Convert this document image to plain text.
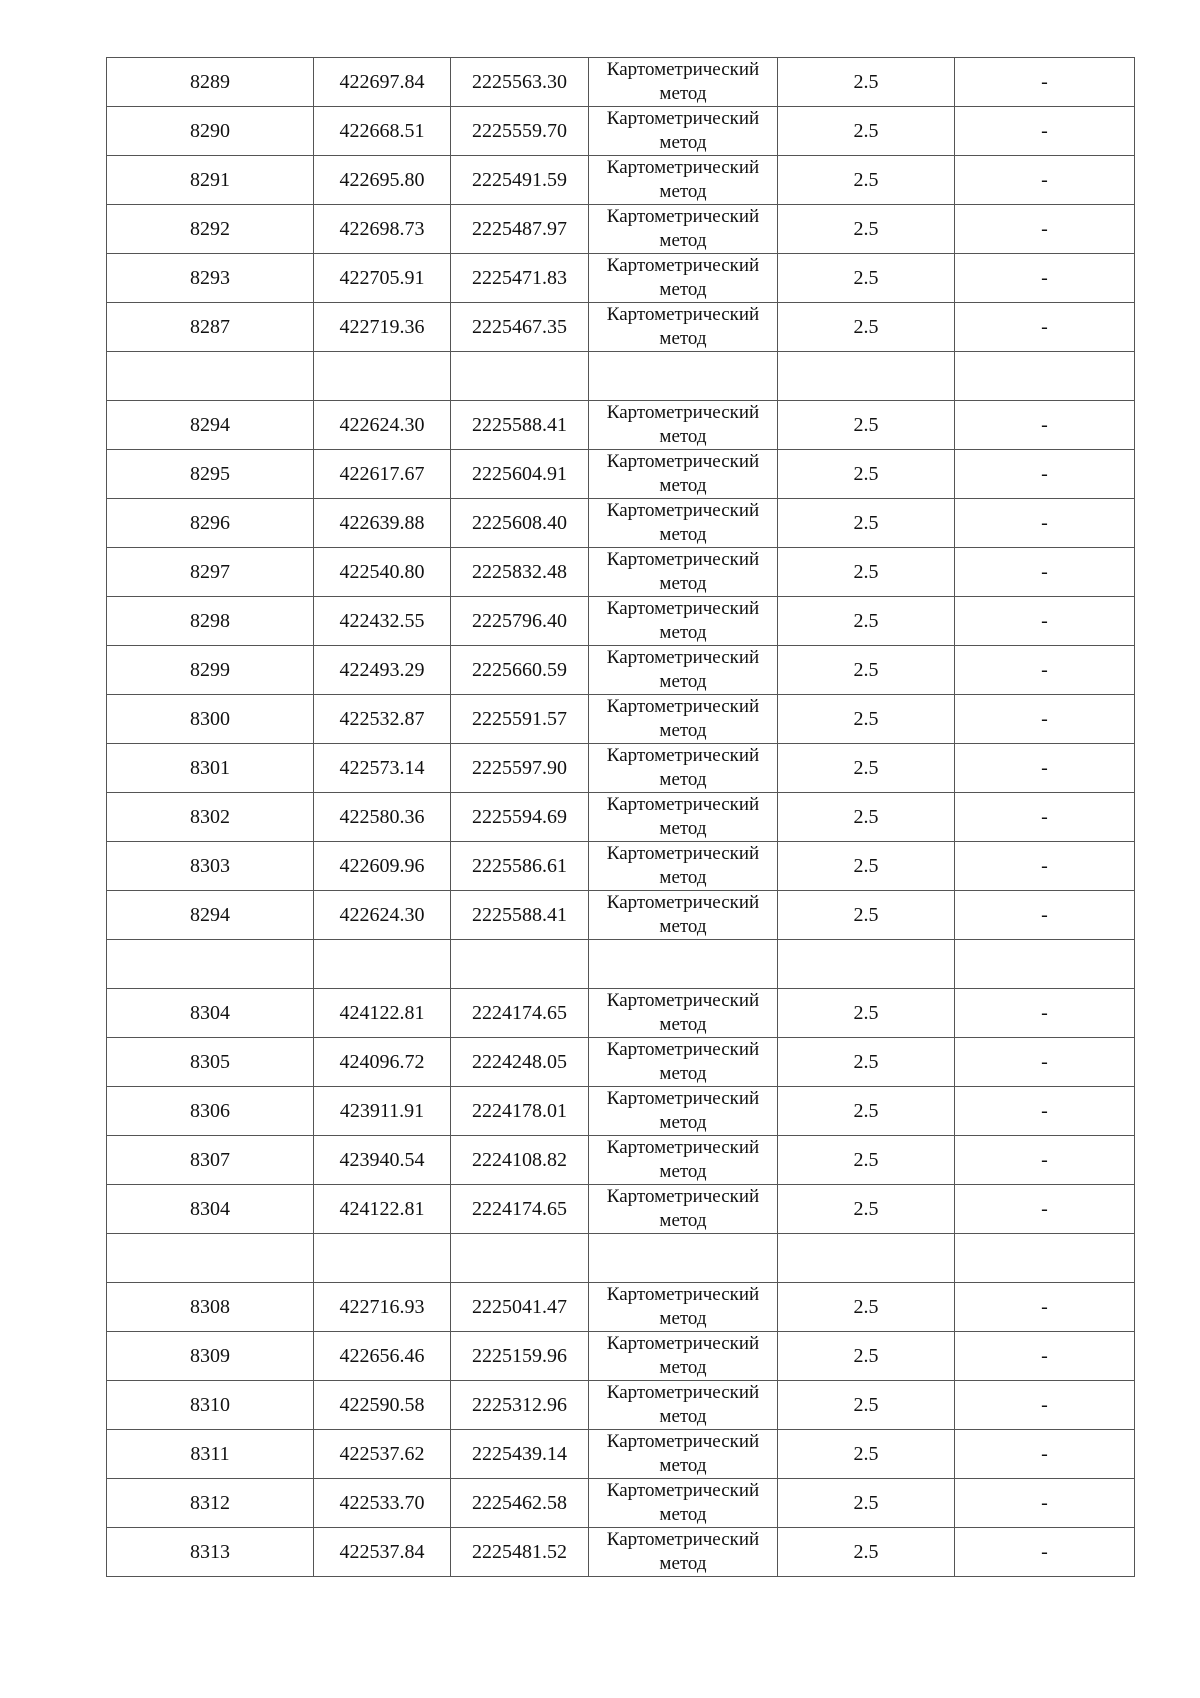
8289	422697.84	2225563.30	Картометрический
метод	2.5	-
8290	422668.51	2225559.70	Картометрический
метод	2.5	-
8291	422695.80	2225491.59	Картометрический
метод	2.5	-
8292	422698.73	2225487.97	Картометрический
метод	2.5	-
8293	422705.91	2225471.83	Картометрический
метод	2.5	-
8287	422719.36	2225467.35	Картометрический
метод	2.5	-

8294	422624.30	2225588.41	Картометрический
метод	2.5	-
8295	422617.67	2225604.91	Картометрический
метод	2.5	-
8296	422639.88	2225608.40	Картометрический
метод	2.5	-
8297	422540.80	2225832.48	Картометрический
метод	2.5	-
8298	422432.55	2225796.40	Картометрический
метод	2.5	-
8299	422493.29	2225660.59	Картометрический
метод	2.5	-
8300	422532.87	2225591.57	Картометрический
метод	2.5	-
8301	422573.14	2225597.90	Картометрический
метод	2.5	-
8302	422580.36	2225594.69	Картометрический
метод	2.5	-
8303	422609.96	2225586.61	Картометрический
метод	2.5	-
8294	422624.30	2225588.41	Картометрический
метод	2.5	-

8304	424122.81	2224174.65	Картометрический
метод	2.5	-
8305	424096.72	2224248.05	Картометрический
метод	2.5	-
8306	423911.91	2224178.01	Картометрический
метод	2.5	-
8307	423940.54	2224108.82	Картометрический
метод	2.5	-
8304	424122.81	2224174.65	Картометрический
метод	2.5	-

8308	422716.93	2225041.47	Картометрический
метод	2.5	-
8309	422656.46	2225159.96	Картометрический
метод	2.5	-
8310	422590.58	2225312.96	Картометрический
метод	2.5	-
8311	422537.62	2225439.14	Картометрический
метод	2.5	-
8312	422533.70	2225462.58	Картометрический
метод	2.5	-
8313	422537.84	2225481.52	Картометрический
метод	2.5	-
